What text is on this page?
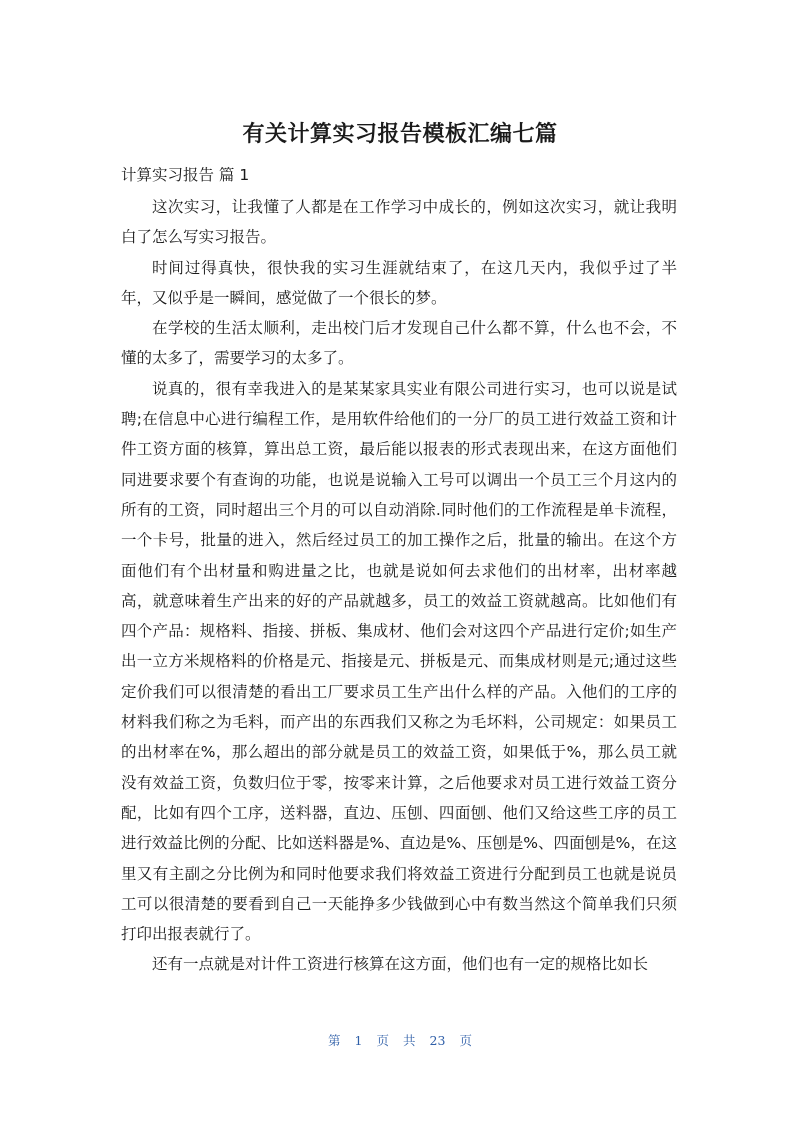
有关计算实习报告模板汇编七篇
计算实习报告 篇 1

这次实习，让我懂了人都是在工作学习中成长的，例如这次实习，就让我明白了怎么写实习报告。

时间过得真快，很快我的实习生涯就结束了，在这几天内，我似乎过了半年，又似乎是一瞬间，感觉做了一个很长的梦。

在学校的生活太顺利，走出校门后才发现自己什么都不算，什么也不会，不懂的太多了，需要学习的太多了。

说真的，很有幸我进入的是某某家具实业有限公司进行实习，也可以说是试聘;在信息中心进行编程工作，是用软件给他们的一分厂的员工进行效益工资和计件工资方面的核算，算出总工资，最后能以报表的形式表现出来，在这方面他们同进要求要个有查询的功能，也说是说输入工号可以调出一个员工三个月这内的所有的工资，同时超出三个月的可以自动消除.同时他们的工作流程是单卡流程，一个卡号，批量的进入，然后经过员工的加工操作之后，批量的输出。在这个方面他们有个出材量和购进量之比，也就是说如何去求他们的出材率，出材率越高，就意味着生产出来的好的产品就越多，员工的效益工资就越高。比如他们有四个产品：规格料、指接、拼板、集成材、他们会对这四个产品进行定价;如生产出一立方米规格料的价格是元、指接是元、拼板是元、而集成材则是元;通过这些定价我们可以很清楚的看出工厂要求员工生产出什么样的产品。入他们的工序的材料我们称之为毛料，而产出的东西我们又称之为毛坏料，公司规定：如果员工的出材率在%，那么超出的部分就是员工的效益工资，如果低于%，那么员工就没有效益工资，负数归位于零，按零来计算，之后他要求对员工进行效益工资分配，比如有四个工序，送料器，直边、压刨、四面刨、他们又给这些工序的员工进行效益比例的分配、比如送料器是%、直边是%、压刨是%、四面刨是%，在这里又有主副之分比例为和同时他要求我们将效益工资进行分配到员工也就是说员工可以很清楚的要看到自己一天能挣多少钱做到心中有数当然这个简单我们只须打印出报表就行了。

还有一点就是对计件工资进行核算在这方面，他们也有一定的规格比如长

第 1 页 共 23 页
